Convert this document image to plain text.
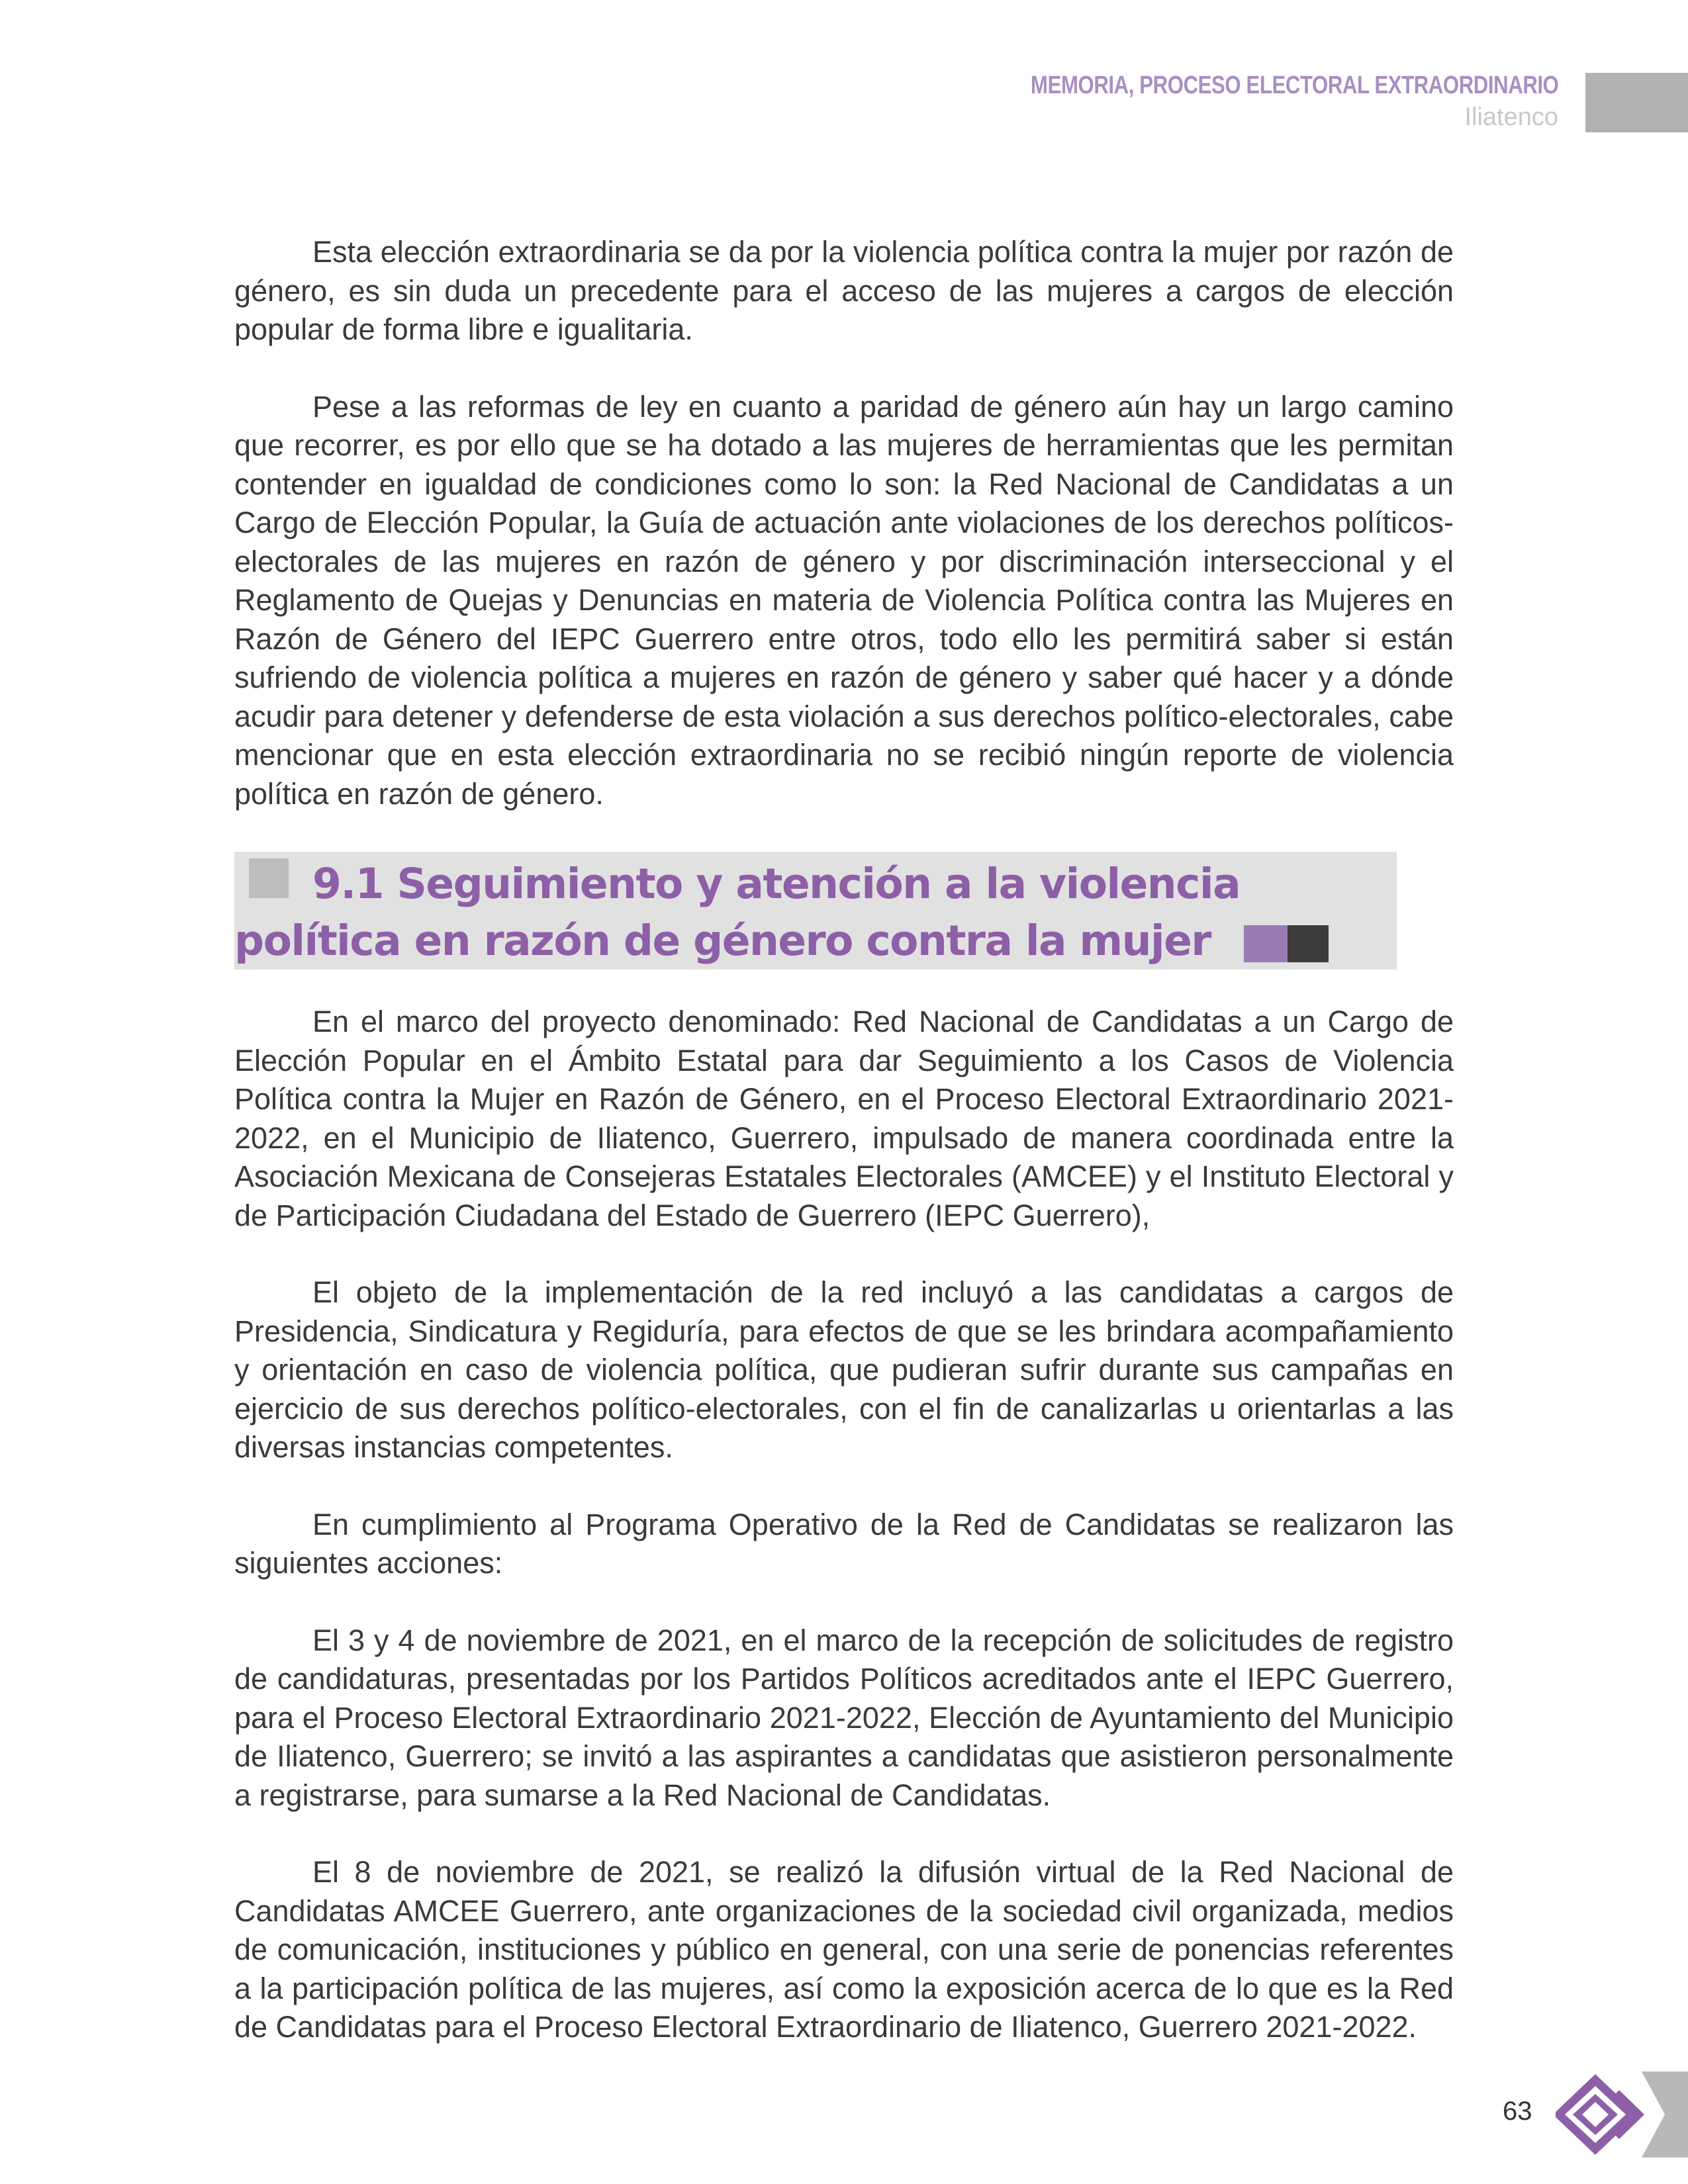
MEMORIA, PROCESO ELECTORAL EXTRAORDINARIO
Iliatenco

Esta elección extraordinaria se da por la violencia política contra la mujer por razón de género, es sin duda un precedente para el acceso de las mujeres a cargos de elección popular de forma libre e igualitaria.

Pese a las reformas de ley en cuanto a paridad de género aún hay un largo camino que recorrer, es por ello que se ha dotado a las mujeres de herramientas que les permitan contender en igualdad de condiciones como lo son: la Red Nacional de Candidatas a un Cargo de Elección Popular, la Guía de actuación ante violaciones de los derechos políticos-electorales de las mujeres en razón de género y por discriminación interseccional y el Reglamento de Quejas y Denuncias en materia de Violencia Política contra las Mujeres en Razón de Género del IEPC Guerrero entre otros, todo ello les permitirá saber si están sufriendo de violencia política a mujeres en razón de género y saber qué hacer y a dónde acudir para detener y defenderse de esta violación a sus derechos político-electorales, cabe mencionar que en esta elección extraordinaria no se recibió ningún reporte de violencia política en razón de género.

9.1 Seguimiento y atención a la violencia política en razón de género contra la mujer

En el marco del proyecto denominado: Red Nacional de Candidatas a un Cargo de Elección Popular en el Ámbito Estatal para dar Seguimiento a los Casos de Violencia Política contra la Mujer en Razón de Género, en el Proceso Electoral Extraordinario 2021-2022, en el Municipio de Iliatenco, Guerrero, impulsado de manera coordinada entre la Asociación Mexicana de Consejeras Estatales Electorales (AMCEE) y el Instituto Electoral y de Participación Ciudadana del Estado de Guerrero (IEPC Guerrero),

El objeto de la implementación de la red incluyó a las candidatas a cargos de Presidencia, Sindicatura y Regiduría, para efectos de que se les brindara acompañamiento y orientación en caso de violencia política, que pudieran sufrir durante sus campañas en ejercicio de sus derechos político-electorales, con el fin de canalizarlas u orientarlas a las diversas instancias competentes.

En cumplimiento al Programa Operativo de la Red de Candidatas se realizaron las siguientes acciones:

El 3 y 4 de noviembre de 2021, en el marco de la recepción de solicitudes de registro de candidaturas, presentadas por los Partidos Políticos acreditados ante el IEPC Guerrero, para el Proceso Electoral Extraordinario 2021-2022, Elección de Ayuntamiento del Municipio de Iliatenco, Guerrero; se invitó a las aspirantes a candidatas que asistieron personalmente a registrarse, para sumarse a la Red Nacional de Candidatas.

El 8 de noviembre de 2021, se realizó la difusión virtual de la Red Nacional de Candidatas AMCEE Guerrero, ante organizaciones de la sociedad civil organizada, medios de comunicación, instituciones y público en general, con una serie de ponencias referentes a la participación política de las mujeres, así como la exposición acerca de lo que es la Red de Candidatas para el Proceso Electoral Extraordinario de Iliatenco, Guerrero 2021-2022.

63
